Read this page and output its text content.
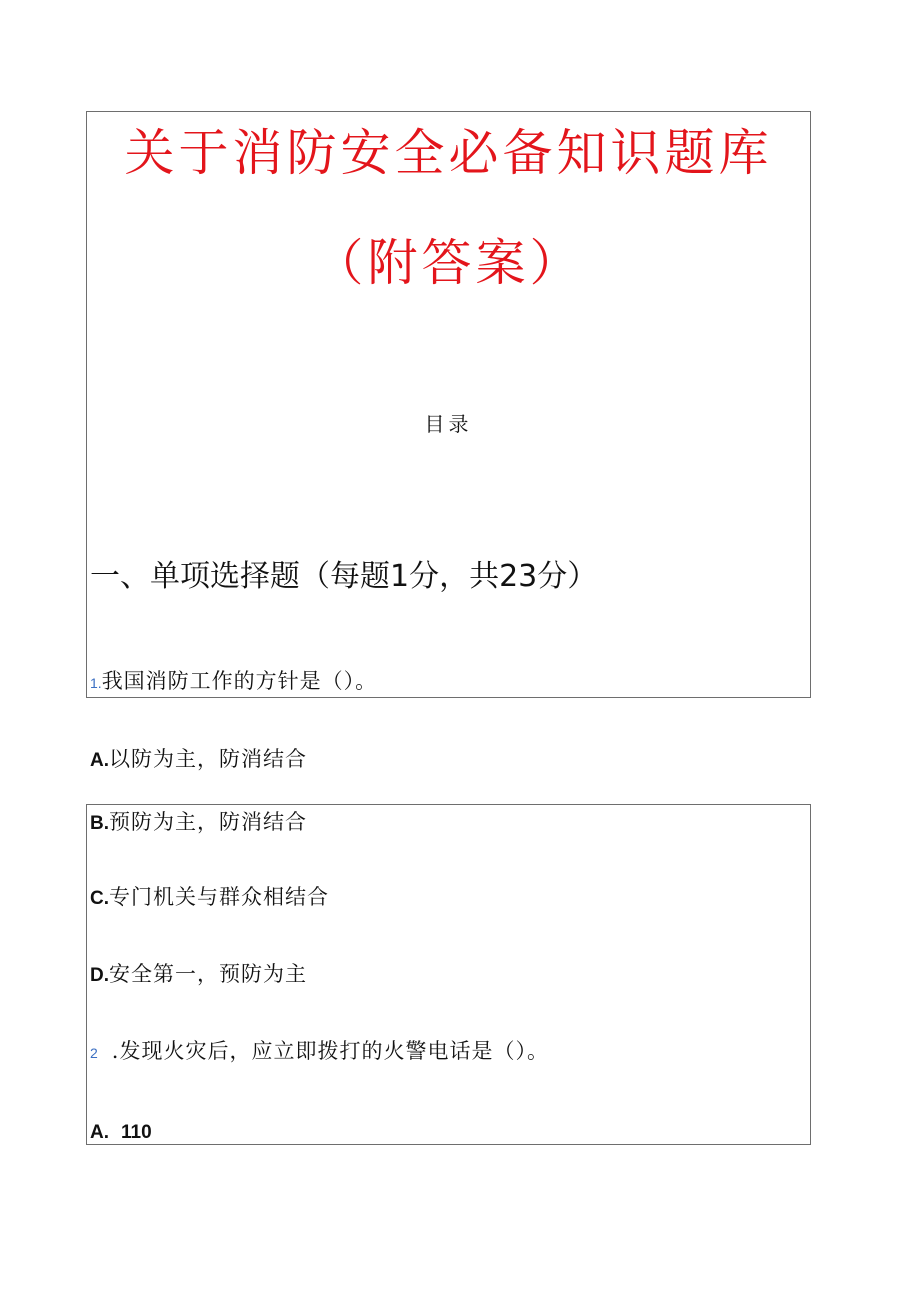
关于消防安全必备知识题库
（附答案）
目录
一、单项选择题（每题1分，共23分）
1.我国消防工作的方针是（）。
A.以防为主，防消结合
B.预防为主，防消结合
C.专门机关与群众相结合
D.安全第一，预防为主
2 .发现火灾后，应立即拨打的火警电话是（）。
A. 110
